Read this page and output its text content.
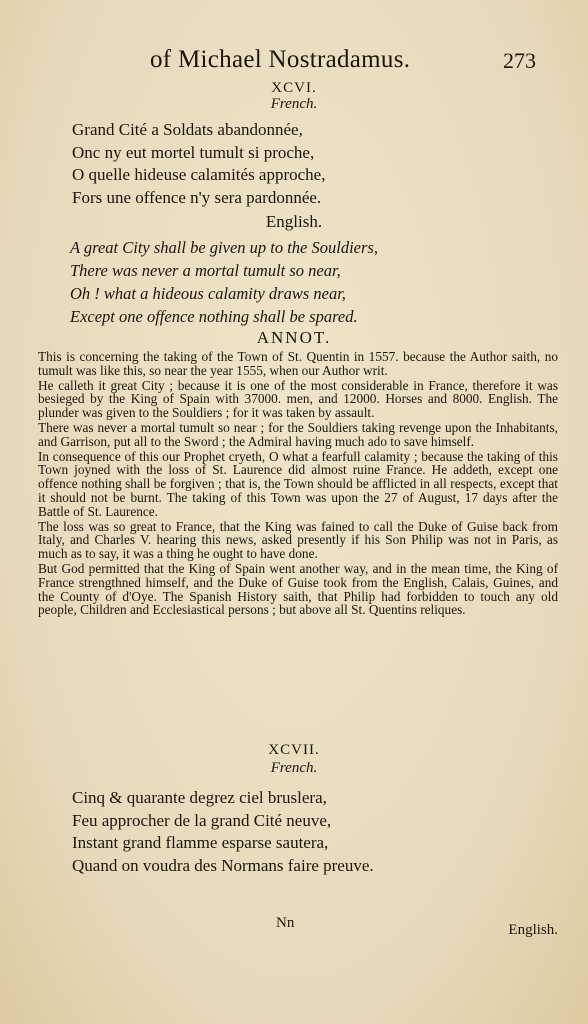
of Michael Nostradamus.	273
XCVI.
French.
Grand Cité a Soldats abandonnée,
Onc ny eut mortel tumult si proche,
O quelle hideuse calamités approche,
Fors une offence n'y sera pardonnée.
English.
A great City shall be given up to the Souldiers,
There was never a mortal tumult so near,
Oh ! what a hideous calamity draws near,
Except one offence nothing shall be spared.
ANNOT.

This is concerning the taking of the Town of St. Quentin in 1557. because the Author saith, no tumult was like this, so near the year 1555, when our Author writ.

He calleth it great City ; because it is one of the most considerable in France, therefore it was besieged by the King of Spain with 37000. men, and 12000. Horses and 8000. English. The plunder was given to the Souldiers ; for it was taken by assault.

There was never a mortal tumult so near ; for the Souldiers taking revenge upon the Inhabitants, and Garrison, put all to the Sword ; the Admiral having much ado to save himself.

In consequence of this our Prophet cryeth, O what a fearfull calamity ; because the taking of this Town joyned with the loss of St. Laurence did almost ruine France. He addeth, except one offence nothing shall be forgiven ; that is, the Town should be afflicted in all respects, except that it should not be burnt. The taking of this Town was upon the 27 of August, 17 days after the Battle of St. Laurence.

The loss was so great to France, that the King was fained to call the Duke of Guise back from Italy, and Charles V. hearing this news, asked presently if his Son Philip was not in Paris, as much as to say, it was a thing he ought to have done.

But God permitted that the King of Spain went another way, and in the mean time, the King of France strengthned himself, and the Duke of Guise took from the English, Calais, Guines, and the County of d'Oye. The Spanish History saith, that Philip had forbidden to touch any old people, Children and Ecclesiastical persons ; but above all St. Quentins reliques.

XCVII.
French.
Cinq & quarante degrez ciel bruslera,
Feu approcher de la grand Cité neuve,
Instant grand flamme esparse sautera,
Quand on voudra des Normans faire preuve.
Nn	English.
